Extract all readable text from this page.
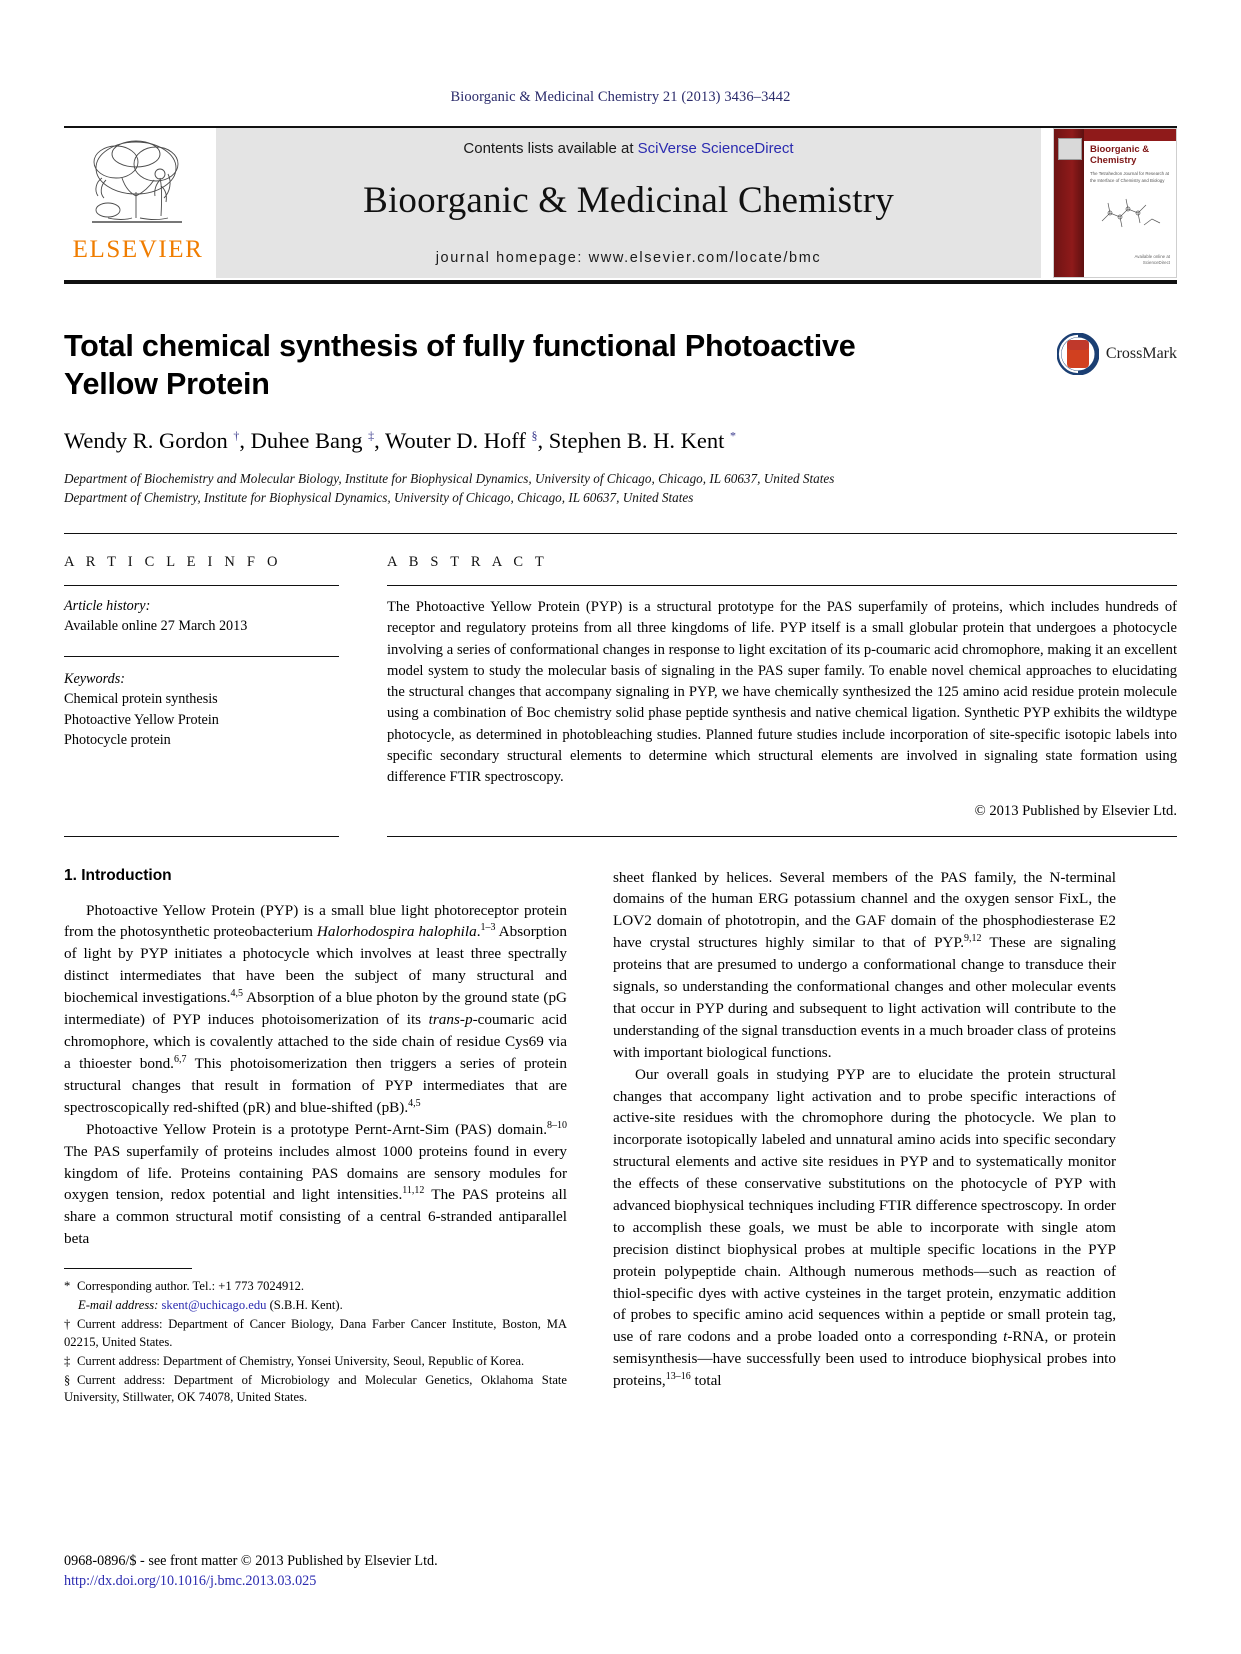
Bioorganic & Medicinal Chemistry 21 (2013) 3436–3442
ELSEVIER
Contents lists available at SciVerse ScienceDirect
Bioorganic & Medicinal Chemistry
journal homepage: www.elsevier.com/locate/bmc
Bioorganic &
Chemistry
The Tetrahedron Journal for Research at the Interface of Chemistry and Biology
Available online at
ScienceDirect
CrossMark
Total chemical synthesis of fully functional Photoactive Yellow Protein
Wendy R. Gordon †, Duhee Bang ‡, Wouter D. Hoff §, Stephen B. H. Kent *
Department of Biochemistry and Molecular Biology, Institute for Biophysical Dynamics, University of Chicago, Chicago, IL 60637, United States
Department of Chemistry, Institute for Biophysical Dynamics, University of Chicago, Chicago, IL 60637, United States
A R T I C L E I N F O
Article history:
Available online 27 March 2013
Keywords:
Chemical protein synthesis
Photoactive Yellow Protein
Photocycle protein
A B S T R A C T
The Photoactive Yellow Protein (PYP) is a structural prototype for the PAS superfamily of proteins, which includes hundreds of receptor and regulatory proteins from all three kingdoms of life. PYP itself is a small globular protein that undergoes a photocycle involving a series of conformational changes in response to light excitation of its p-coumaric acid chromophore, making it an excellent model system to study the molecular basis of signaling in the PAS super family. To enable novel chemical approaches to elucidating the structural changes that accompany signaling in PYP, we have chemically synthesized the 125 amino acid residue protein molecule using a combination of Boc chemistry solid phase peptide synthesis and native chemical ligation. Synthetic PYP exhibits the wildtype photocycle, as determined in photobleaching studies. Planned future studies include incorporation of site-specific isotopic labels into specific secondary structural elements to determine which structural elements are involved in signaling state formation using difference FTIR spectroscopy.
© 2013 Published by Elsevier Ltd.
1. Introduction

Photoactive Yellow Protein (PYP) is a small blue light photoreceptor protein from the photosynthetic proteobacterium Halorhodospira halophila.$^{1-3}$ Absorption of light by PYP initiates a photocycle which involves at least three spectrally distinct intermediates that have been the subject of many structural and biochemical investigations.$^{4,5}$ Absorption of a blue photon by the ground state (pG intermediate) of PYP induces photoisomerization of its trans-p-coumaric acid chromophore, which is covalently attached to the side chain of residue Cys69 via a thioester bond.$^{6,7}$ This photoisomerization then triggers a series of protein structural changes that result in formation of PYP intermediates that are spectroscopically red-shifted (pR) and blue-shifted (pB).$^{4,5}$

Photoactive Yellow Protein is a prototype Pernt-Arnt-Sim (PAS) domain.$^{8-10}$ The PAS superfamily of proteins includes almost 1000 proteins found in every kingdom of life. Proteins containing PAS domains are sensory modules for oxygen tension, redox potential and light intensities.$^{11,12}$ The PAS proteins all share a common structural motif consisting of a central 6-stranded antiparallel beta

* Corresponding author. Tel.: +1 773 7024912.

E-mail address: skent@uchicago.edu (S.B.H. Kent).

† Current address: Department of Cancer Biology, Dana Farber Cancer Institute, Boston, MA 02215, United States.

‡ Current address: Department of Chemistry, Yonsei University, Seoul, Republic of Korea.

§ Current address: Department of Microbiology and Molecular Genetics, Oklahoma State University, Stillwater, OK 74078, United States.

sheet flanked by helices. Several members of the PAS family, the N-terminal domains of the human ERG potassium channel and the oxygen sensor FixL, the LOV2 domain of phototropin, and the GAF domain of the phosphodiesterase E2 have crystal structures highly similar to that of PYP.$^{9,12}$ These are signaling proteins that are presumed to undergo a conformational change to transduce their signals, so understanding the conformational changes and other molecular events that occur in PYP during and subsequent to light activation will contribute to the understanding of the signal transduction events in a much broader class of proteins with important biological functions.

Our overall goals in studying PYP are to elucidate the protein structural changes that accompany light activation and to probe specific interactions of active-site residues with the chromophore during the photocycle. We plan to incorporate isotopically labeled and unnatural amino acids into specific secondary structural elements and active site residues in PYP and to systematically monitor the effects of these conservative substitutions on the photocycle of PYP with advanced biophysical techniques including FTIR difference spectroscopy. In order to accomplish these goals, we must be able to incorporate with single atom precision distinct biophysical probes at multiple specific locations in the PYP protein polypeptide chain. Although numerous methods—such as reaction of thiol-specific dyes with active cysteines in the target protein, enzymatic addition of probes to specific amino acid sequences within a peptide or small protein tag, use of rare codons and a probe loaded onto a corresponding t-RNA, or protein semisynthesis—have successfully been used to introduce biophysical probes into proteins,$^{13-16}$ total

0968-0896/$ - see front matter © 2013 Published by Elsevier Ltd.
http://dx.doi.org/10.1016/j.bmc.2013.03.025
